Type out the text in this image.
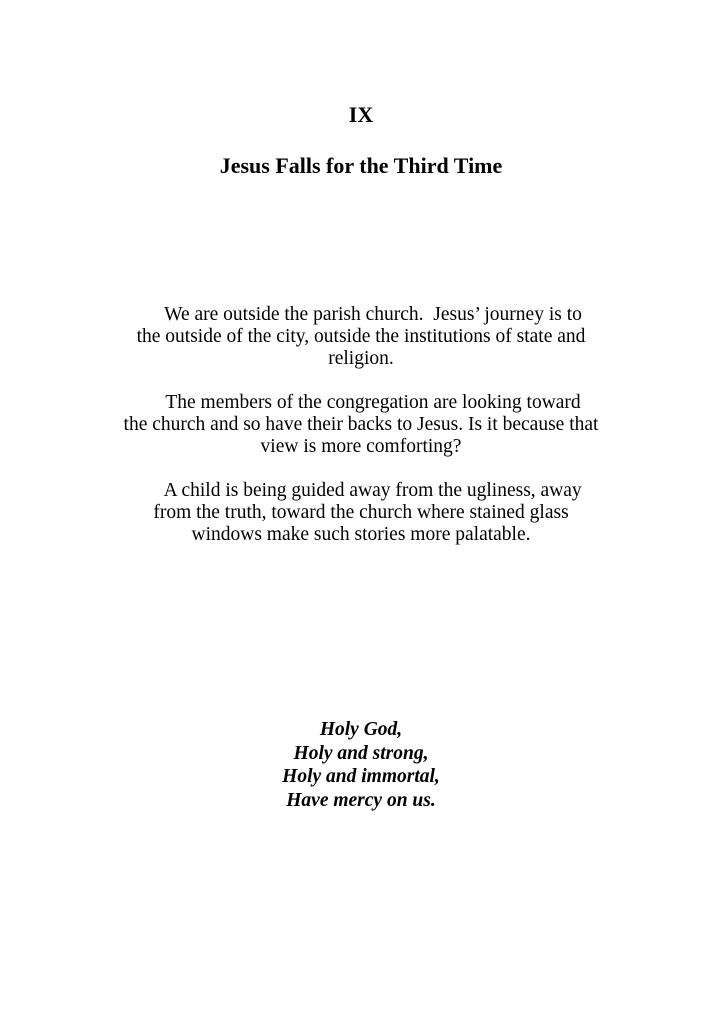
IX
Jesus Falls for the Third Time
We are outside the parish church.  Jesus’ journey is to
the outside of the city, outside the institutions of state and
religion.
The members of the congregation are looking toward
the church and so have their backs to Jesus. Is it because that
view is more comforting?
A child is being guided away from the ugliness, away
from the truth, toward the church where stained glass
windows make such stories more palatable.
Holy God,
Holy and strong,
Holy and immortal,
Have mercy on us.
